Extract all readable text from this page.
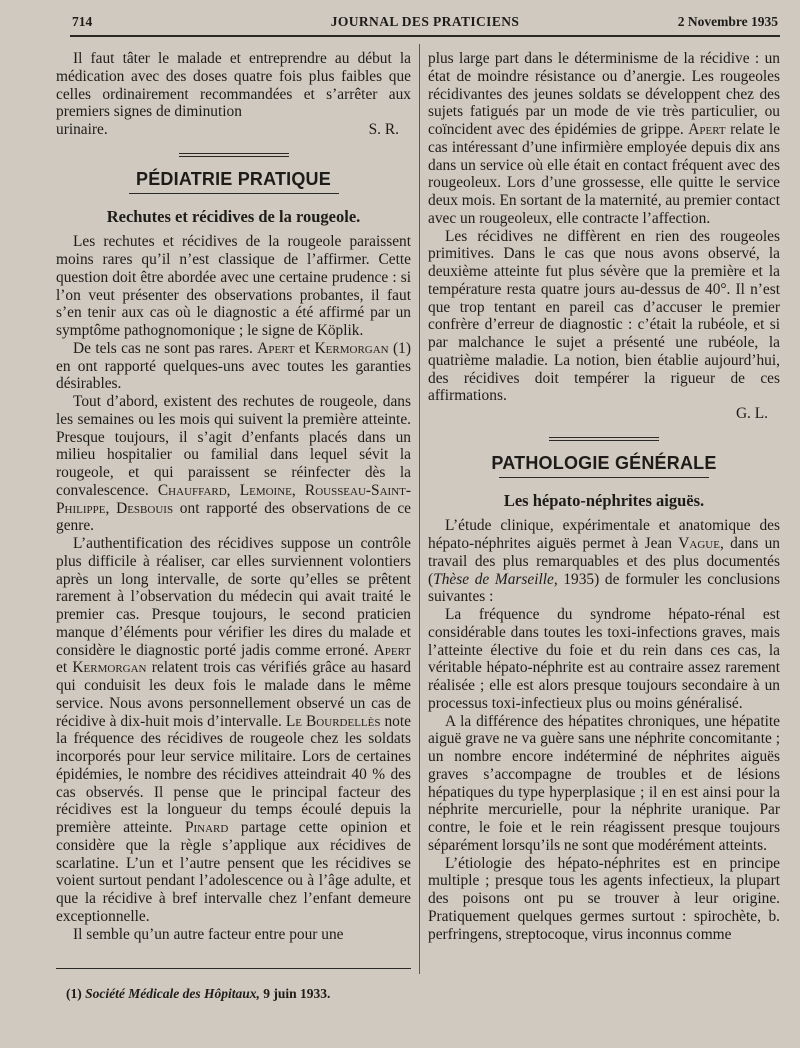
714	JOURNAL DES PRATICIENS	2 Novembre 1935

Il faut tâter le malade et entreprendre au début la médication avec des doses quatre fois plus faibles que celles ordinairement recommandées et s’arrêter aux premiers signes de diminution

urinaire.	S. R.
PÉDIATRIE PRATIQUE
Rechutes et récidives de la rougeole.

Les rechutes et récidives de la rougeole paraissent moins rares qu’il n’est classique de l’affirmer. Cette question doit être abordée avec une certaine prudence : si l’on veut présenter des observations probantes, il faut s’en tenir aux cas où le diagnostic a été affirmé par un symptôme pathognomonique ; le signe de Köplik.

De tels cas ne sont pas rares. Apert et Kermorgan (1) en ont rapporté quelques-uns avec toutes les garanties désirables.

Tout d’abord, existent des rechutes de rougeole, dans les semaines ou les mois qui suivent la première atteinte. Presque toujours, il s’agit d’enfants placés dans un milieu hospitalier ou familial dans lequel sévit la rougeole, et qui paraissent se réinfecter dès la convalescence. Chauffard, Lemoine, Rousseau-Saint-Philippe, Desbouis ont rapporté des observations de ce genre.

L’authentification des récidives suppose un contrôle plus difficile à réaliser, car elles surviennent volontiers après un long intervalle, de sorte qu’elles se prêtent rarement à l’observation du médecin qui avait traité le premier cas. Presque toujours, le second praticien manque d’éléments pour vérifier les dires du malade et considère le diagnostic porté jadis comme erroné. Apert et Kermorgan relatent trois cas vérifiés grâce au hasard qui conduisit les deux fois le malade dans le même service. Nous avons personnellement observé un cas de récidive à dix-huit mois d’intervalle. Le Bourdellès note la fréquence des récidives de rougeole chez les soldats incorporés pour leur service militaire. Lors de certaines épidémies, le nombre des récidives atteindrait 40 % des cas observés. Il pense que le principal facteur des récidives est la longueur du temps écoulé depuis la première atteinte. Pinard partage cette opinion et considère que la règle s’applique aux récidives de scarlatine. L’un et l’autre pensent que les récidives se voient surtout pendant l’adolescence ou à l’âge adulte, et que la récidive à bref intervalle chez l’enfant demeure exceptionnelle.

Il semble qu’un autre facteur entre pour une

(1) Société Médicale des Hôpitaux, 9 juin 1933.

plus large part dans le déterminisme de la récidive : un état de moindre résistance ou d’anergie. Les rougeoles récidivantes des jeunes soldats se développent chez des sujets fatigués par un mode de vie très particulier, ou coïncident avec des épidémies de grippe. Apert relate le cas intéressant d’une infirmière employée depuis dix ans dans un service où elle était en contact fréquent avec des rougeoleux. Lors d’une grossesse, elle quitte le service deux mois. En sortant de la maternité, au premier contact avec un rougeoleux, elle contracte l’affection.

Les récidives ne diffèrent en rien des rougeoles primitives. Dans le cas que nous avons observé, la deuxième atteinte fut plus sévère que la première et la température resta quatre jours au-dessus de 40°. Il n’est que trop tentant en pareil cas d’accuser le premier confrère d’erreur de diagnostic : c’était la rubéole, et si par malchance le sujet a présenté une rubéole, la quatrième maladie. La notion, bien établie aujourd’hui, des récidives doit tempérer la rigueur de ces affirmations.

G. L.
PATHOLOGIE GÉNÉRALE
Les hépato-néphrites aiguës.

L’étude clinique, expérimentale et anatomique des hépato-néphrites aiguës permet à Jean Vague, dans un travail des plus remarquables et des plus documentés (Thèse de Marseille, 1935) de formuler les conclusions suivantes :

La fréquence du syndrome hépato-rénal est considérable dans toutes les toxi-infections graves, mais l’atteinte élective du foie et du rein dans ces cas, la véritable hépato-néphrite est au contraire assez rarement réalisée ; elle est alors presque toujours secondaire à un processus toxi-infectieux plus ou moins généralisé.

A la différence des hépatites chroniques, une hépatite aiguë grave ne va guère sans une néphrite concomitante ; un nombre encore indéterminé de néphrites aiguës graves s’accompagne de troubles et de lésions hépatiques du type hyperplasique ; il en est ainsi pour la néphrite mercurielle, pour la néphrite uranique. Par contre, le foie et le rein réagissent presque toujours séparément lorsqu’ils ne sont que modérément atteints.

L’étiologie des hépato-néphrites est en principe multiple ; presque tous les agents infectieux, la plupart des poisons ont pu se trouver à leur origine. Pratiquement quelques germes surtout : spirochète, b. perfringens, streptocoque, virus inconnus comme
